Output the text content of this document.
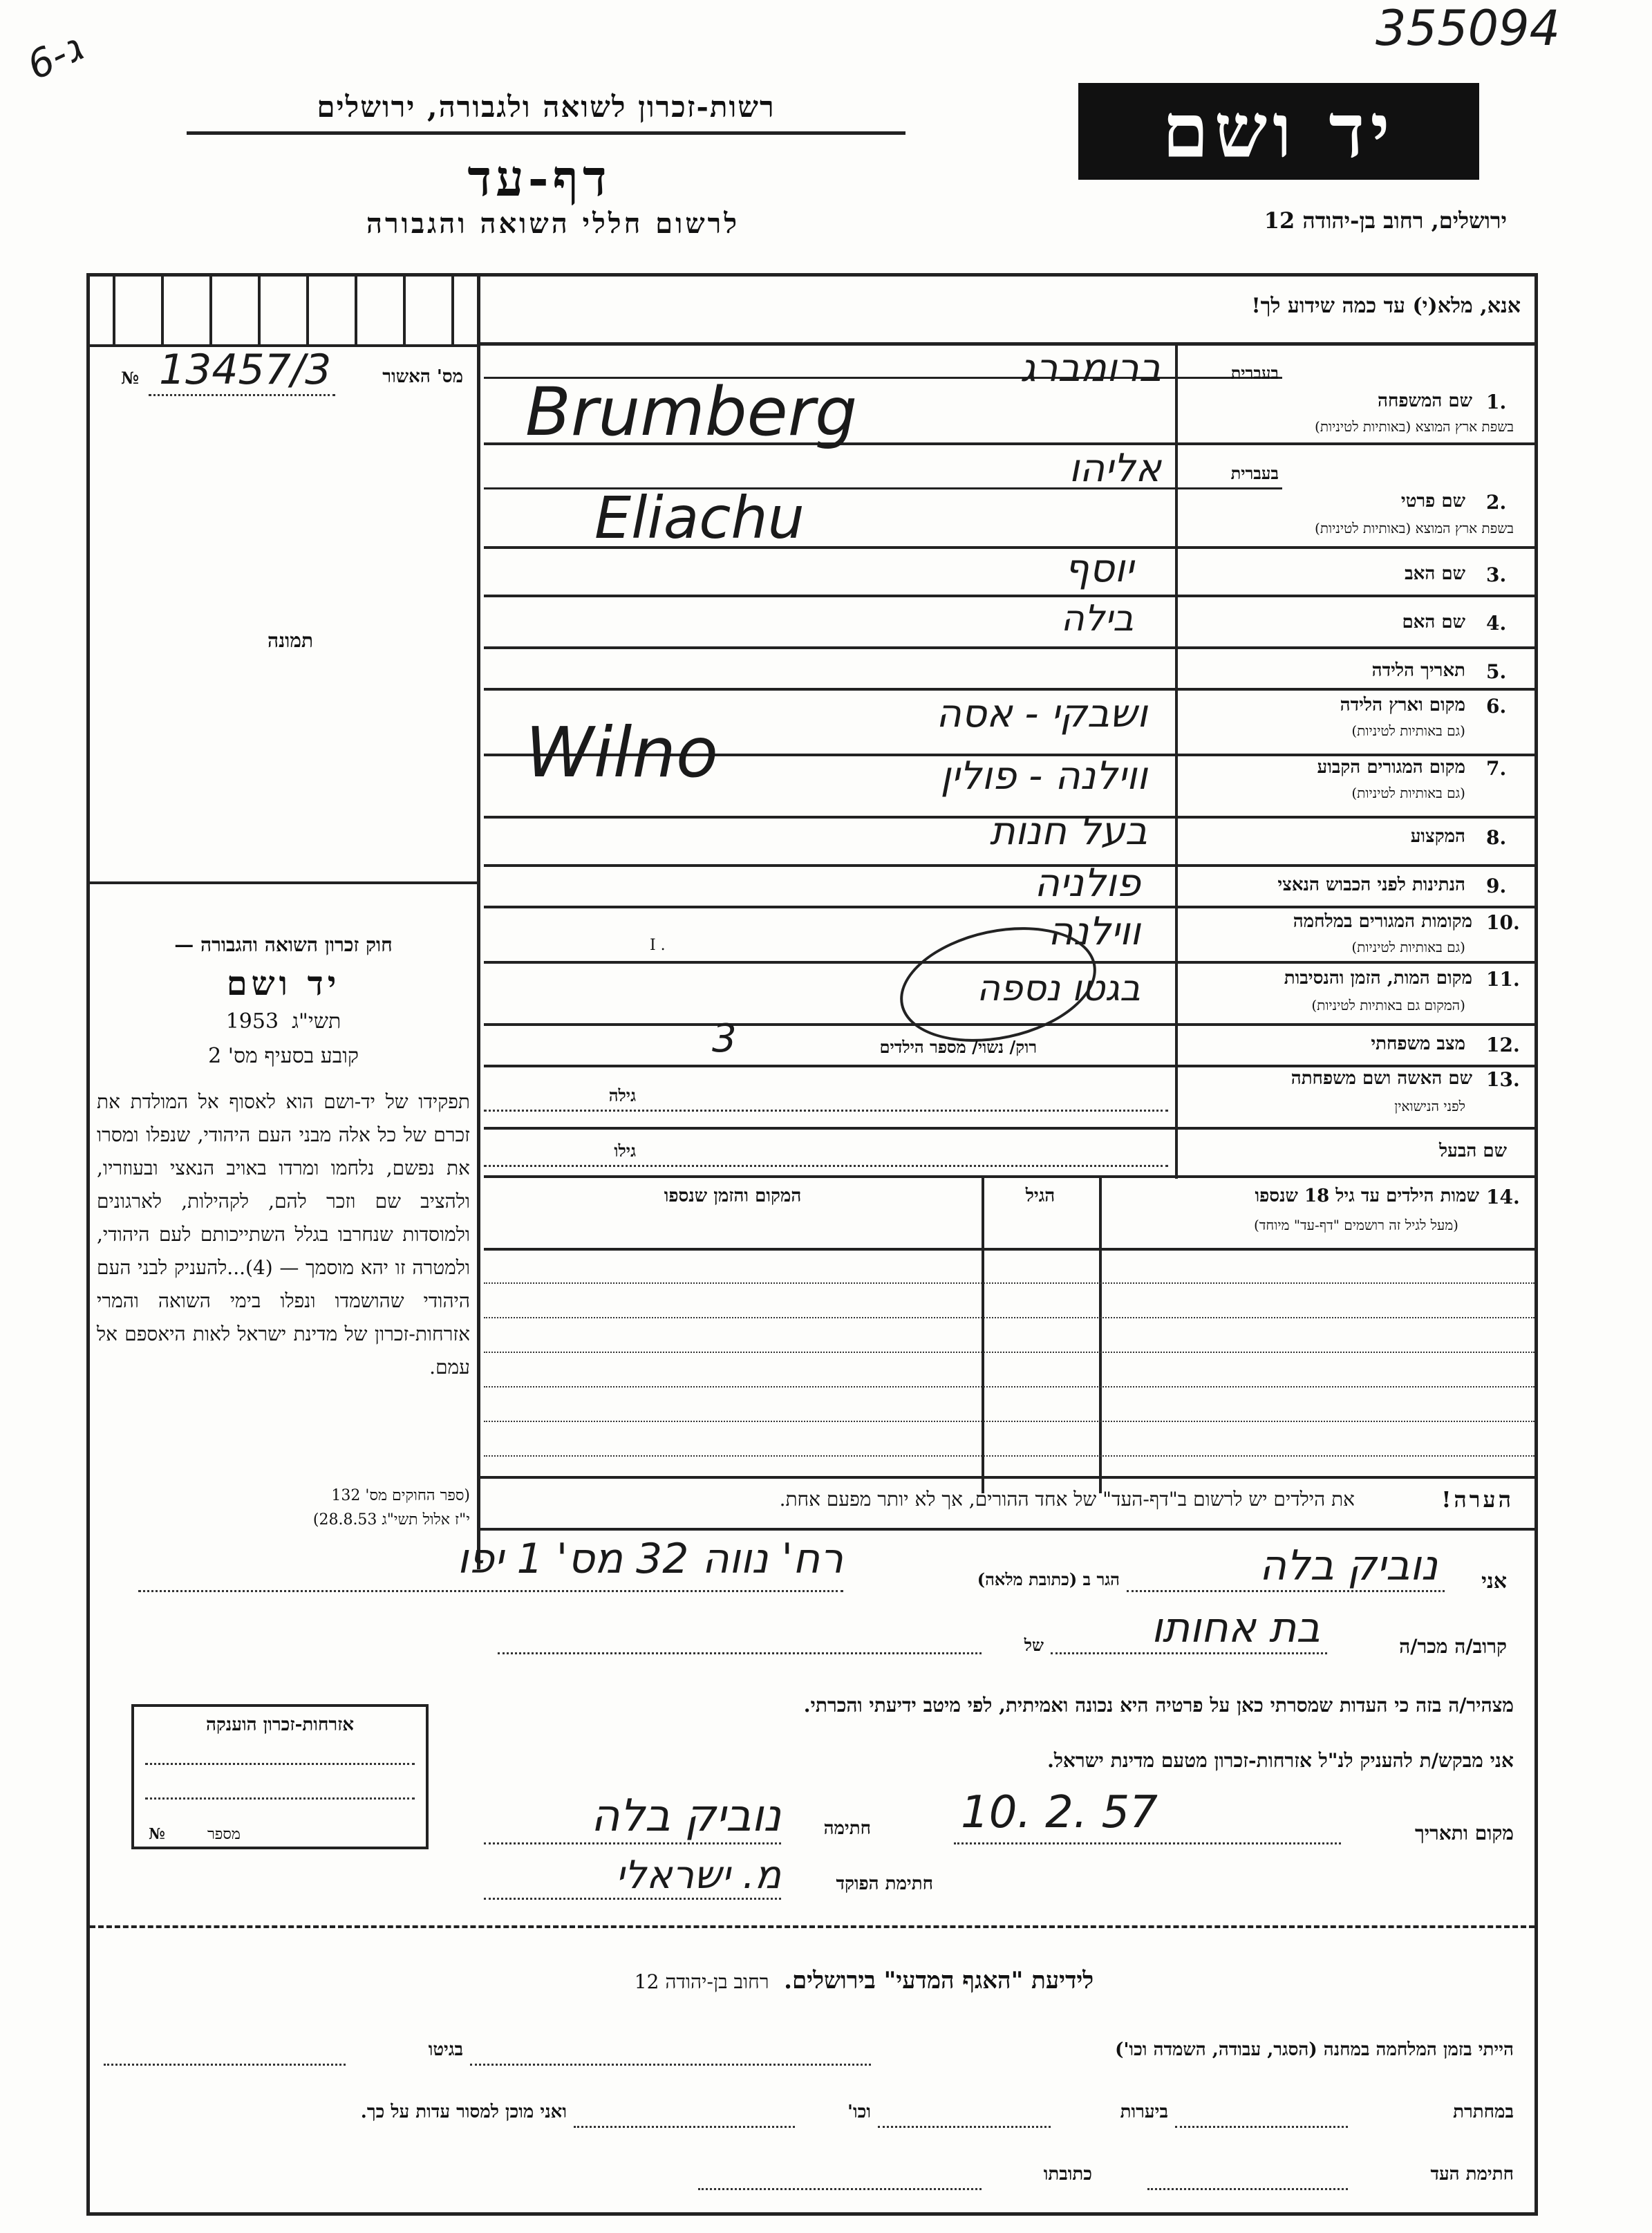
ג-6	355094
רשות-זכרון לשואה ולגבורה, ירושלים
דף-עד
לרשום חללי השואה והגבורה
יד ושם
ירושלים, רחוב בן-יהודה 12
מס' האשור
№ 13457/3
תמונה
חוק זכרון השואה והגבורה —
יד ושם
תשי"ג  1953
קובע בסעיף מס' 2
תפקידו של יד-ושם הוא לאסוף אל המולדת את זכרם של כל אלה מבני העם היהודי, שנפלו ומסרו את נפשם, נלחמו ומרדו באויב הנאצי ובעוזריו, ולהציב שם וזכר להם, לקהילות, לארגונים ולמוסדות שנחרבו בגלל השתייכותם לעם היהודי, ולמטרה זו יהא מוסמך — (4)...להעניק לבני העם היהודי שהושמדו ונפלו בימי השואה והמרי אזרחות-זכרון של מדינת ישראל לאות היאספם אל עמם.
(ספר החוקים מס' 132
י"ז אלול תשי"ג 28.8.53)
אזרחות-זכרון הוענקה
מספר
№
אנא, מלא(י) עד כמה שידוע לך!
בעברית
ברומברג
שם המשפחה 1.
בשפת ארץ המוצא (באותיות לטיניות)
Brumberg
בעברית
אליהו
שם פרטי 2.
בשפת ארץ המוצא (באותיות לטיניות)
Eliachu
שם האב 3.
יוסף
שם האם 4.
בילה
תאריך הלידה 5.
מקום וארץ הלידה 6.
(גם באותיות לטיניות)
ושבקי - אסה
מקום המגורים הקבוע 7.
(גם באותיות לטיניות)
Wilno	ווילנה - פולין
המקצוע 8.
בעל חנות
הנתינות לפני הכבוש הנאצי 9.
פולניה
מקומות המגורים במלחמה 10.
(גם באותיות לטיניות)
ווילנה
I .
מקום המות, הזמן והנסיבות 11.
(המקום גם באותיות לטיניות)
בגטו נספה
מצב משפחתי 12.
רוק/ נשוי/ מספר הילדים
3
שם האשה ושם משפחתה 13.
לפני הנישואין
גילה
שם הבעל
גילו
שמות הילדים עד גיל 18 שנספו 14.
(מעל לגיל זה רושמים "דף-עד" מיוחד)
הגיל
המקום והזמן שנספו
הערה!
את הילדים יש לרשום ב"דף-העד" של אחד ההורים, אך לא יותר מפעם אחת.
אני
נוביק בלה
הגר ב (כתובת מלאה)
רח' נווה 32 מס' 1 יפו
קרוב/ה מכר/ה
בת אחותו
של
מצהיר/ה בזה כי העדות שמסרתי כאן על פרטיה היא נכונה ואמיתית, לפי מיטב ידיעתי והכרתי.
אני מבקש/ת להעניק לנ"ל אזרחות-זכרון מטעם מדינת ישראל.
מקום ותאריך
10. 2. 57
חתימה
נוביק בלה
חתימת הפוקד
מ. ישראלי
לידיעת "האגף המדעי" בירושלים.  רחוב בן-יהודה 12
הייתי בזמן המלחמה במחנה (הסגר, עבודה, השמדה וכו')
בגיטו
במחתרת
ביערות
וכו'
ואני מוכן למסור עדות על כך.
חתימת העד
כתובתו
